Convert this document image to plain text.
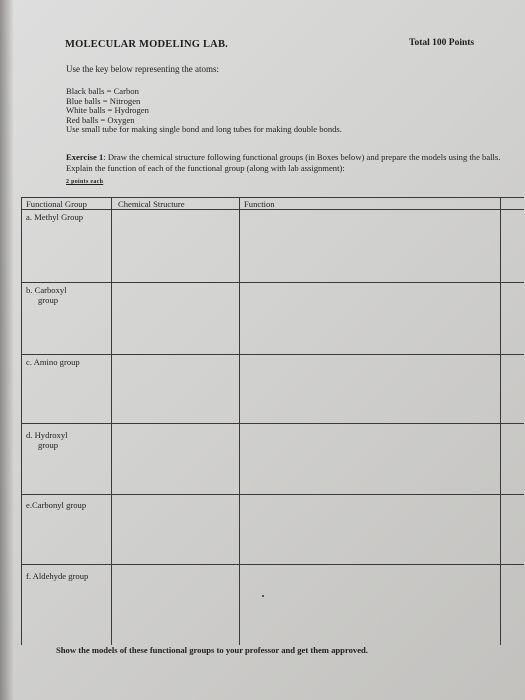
MOLECULAR MODELING LAB.	Total 100 Points
Use the key below representing the atoms:
Black balls = Carbon
Blue balls = Nitrogen
White balls = Hydrogen
Red balls = Oxygen
Use small tube for making single bond and long tubes for making double bonds.
Exercise 1: Draw the chemical structure following functional groups (in Boxes below) and prepare the models using the balls. Explain the function of each of the functional group (along with lab assignment):
2 points each
Functional Group	Chemical Structure	Function
a. Methyl Group
b. Carboxyl
group
c. Amino group
d. Hydroxyl
group
e.Carbonyl group
f. Aldehyde group
Show the models of these functional groups to your professor and get them approved.
